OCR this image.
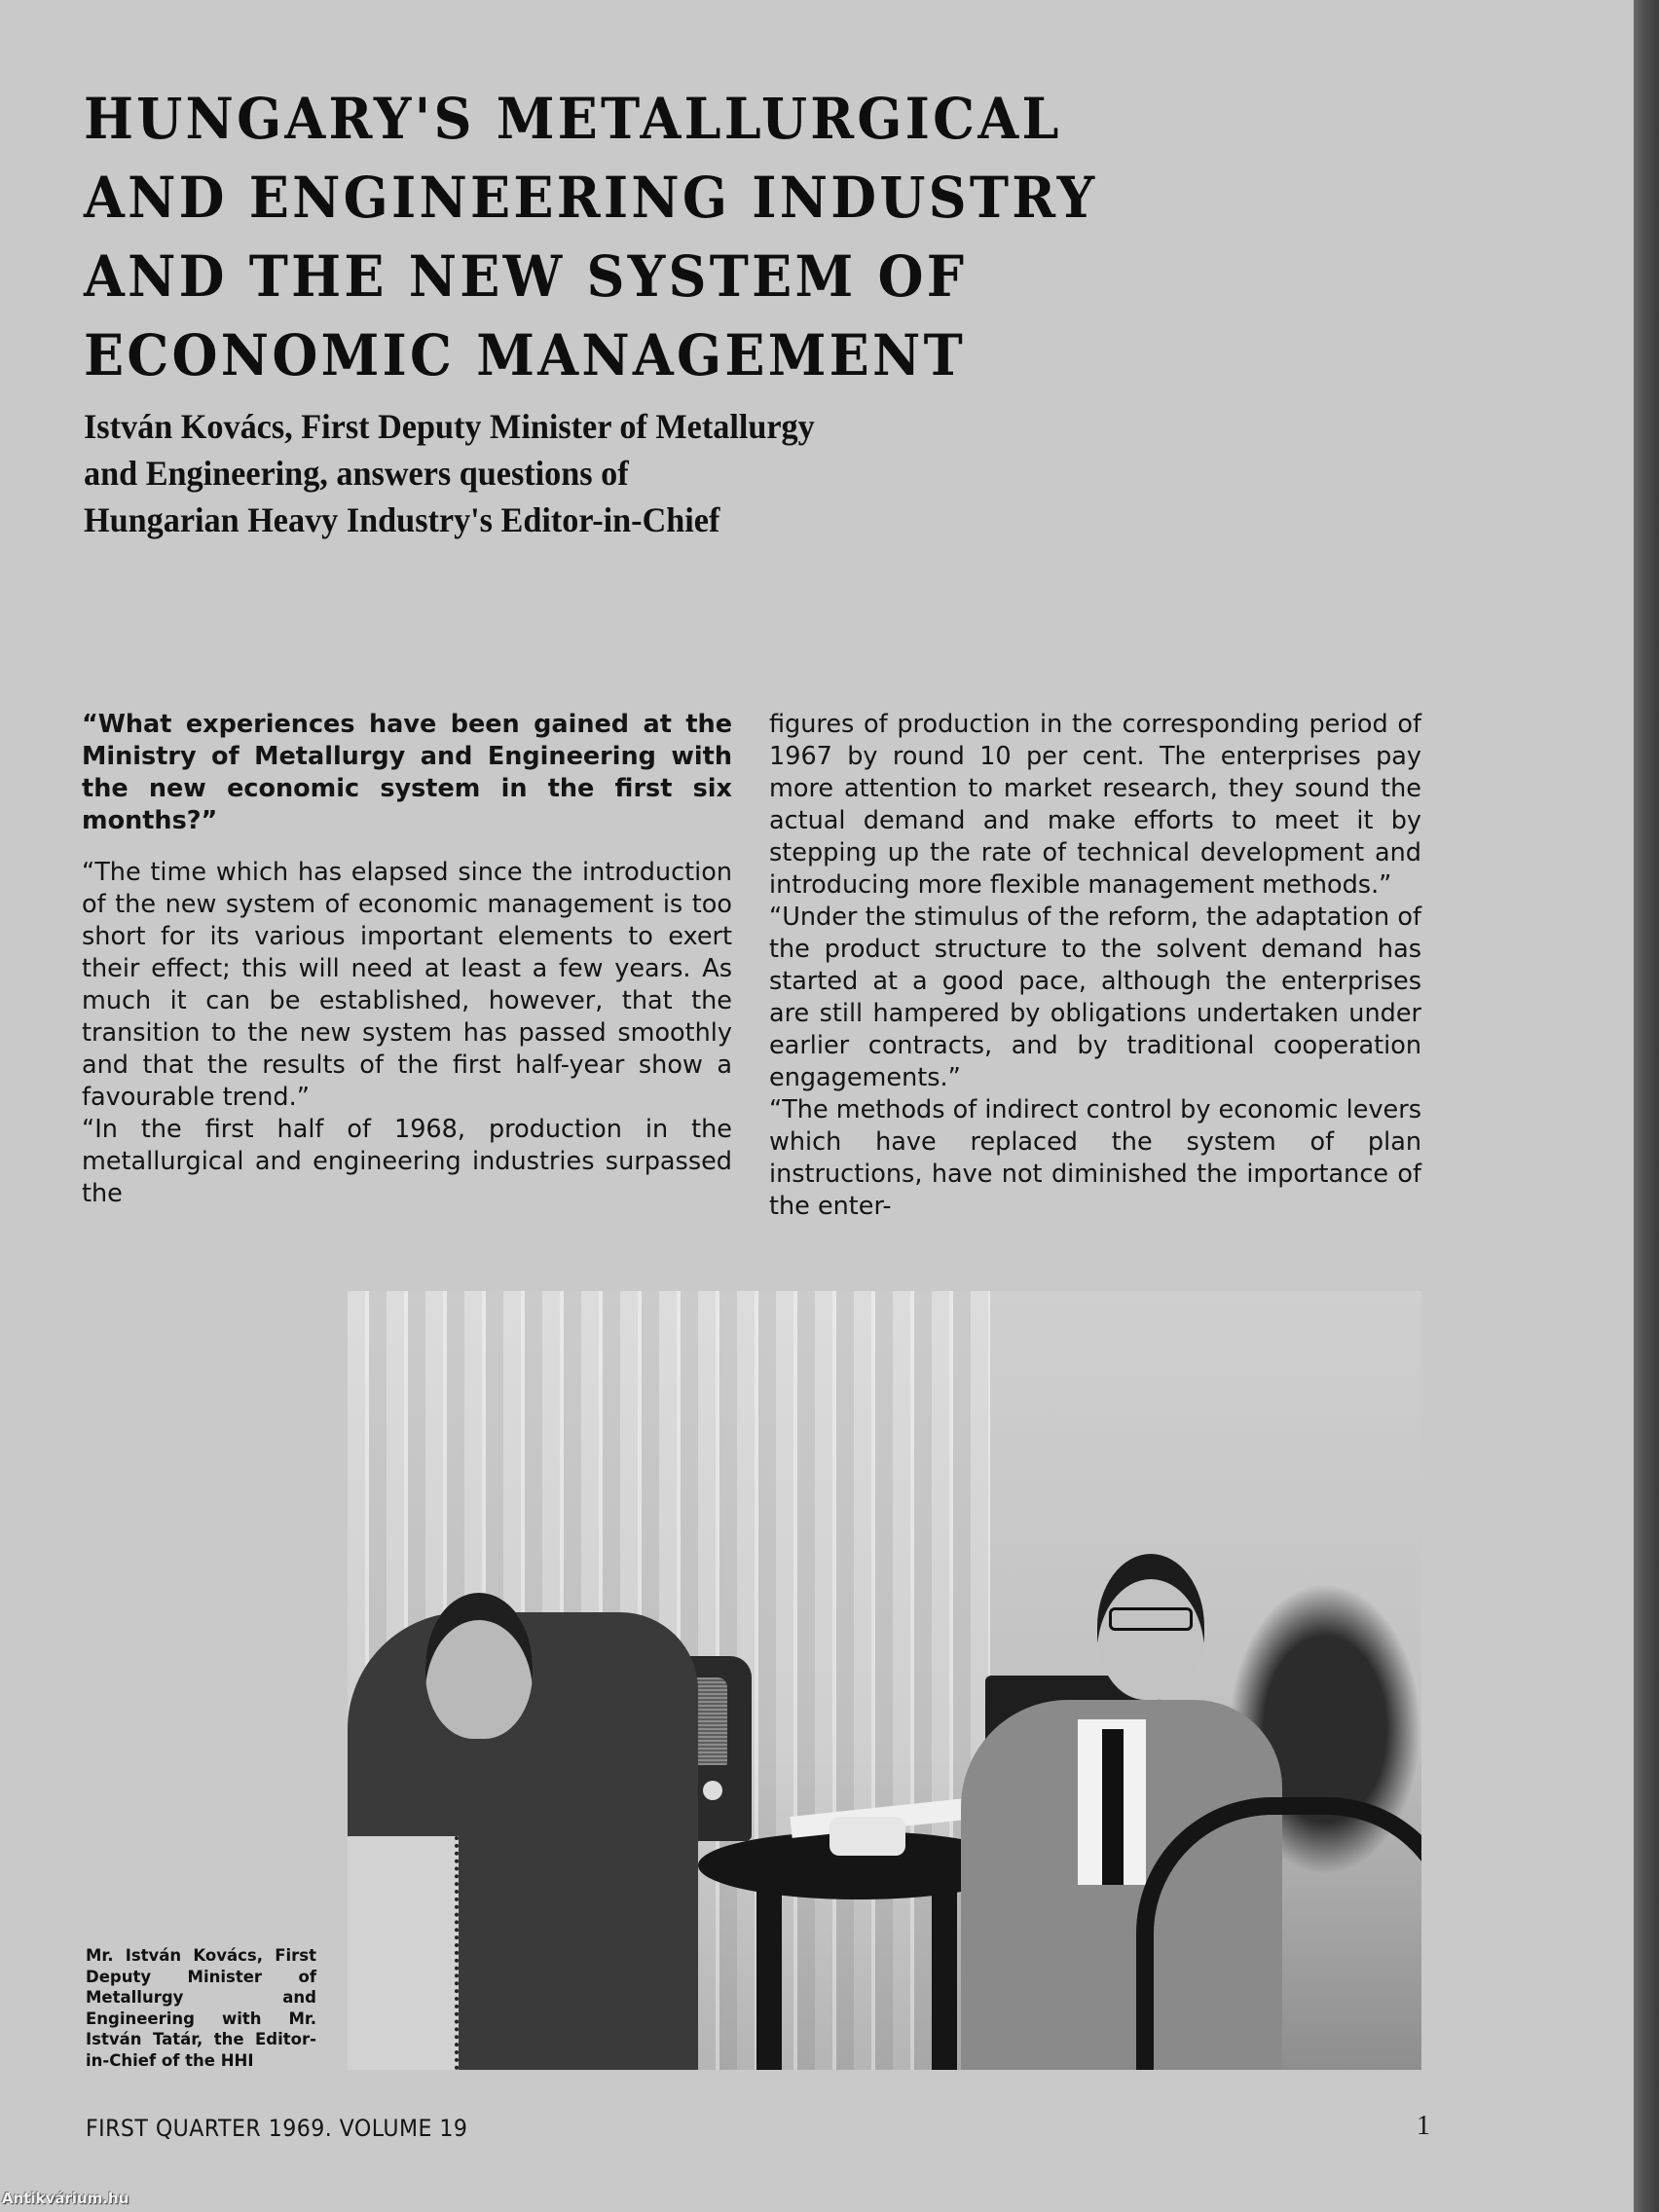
HUNGARY'S METALLURGICAL
AND ENGINEERING INDUSTRY
AND THE NEW SYSTEM OF
ECONOMIC MANAGEMENT
István Kovács, First Deputy Minister of Metallurgy
and Engineering, answers questions of
Hungarian Heavy Industry's Editor-in-Chief

“What experiences have been gained at the Ministry of Metallurgy and Engineering with the new economic system in the first six months?”

“The time which has elapsed since the introduction of the new system of economic management is too short for its various important elements to exert their effect; this will need at least a few years. As much it can be established, however, that the transition to the new system has passed smoothly and that the results of the first half-year show a favourable trend.”

“In the first half of 1968, production in the metallurgical and engineering industries surpassed the

figures of production in the corresponding period of 1967 by round 10 per cent. The enterprises pay more attention to market research, they sound the actual demand and make efforts to meet it by stepping up the rate of technical development and introducing more flexible management methods.”

“Under the stimulus of the reform, the adaptation of the product structure to the solvent demand has started at a good pace, although the enterprises are still hampered by obligations undertaken under earlier contracts, and by traditional cooperation engagements.”

“The methods of indirect control by economic levers which have replaced the system of plan instructions, have not diminished the importance of the enter-

Mr. István Kovács, First Deputy Minister of Metallurgy and Engineering with Mr. István Tatár, the Editor-in-Chief of the HHI
FIRST QUARTER 1969. VOLUME 19	1
Antikvárium.hu
